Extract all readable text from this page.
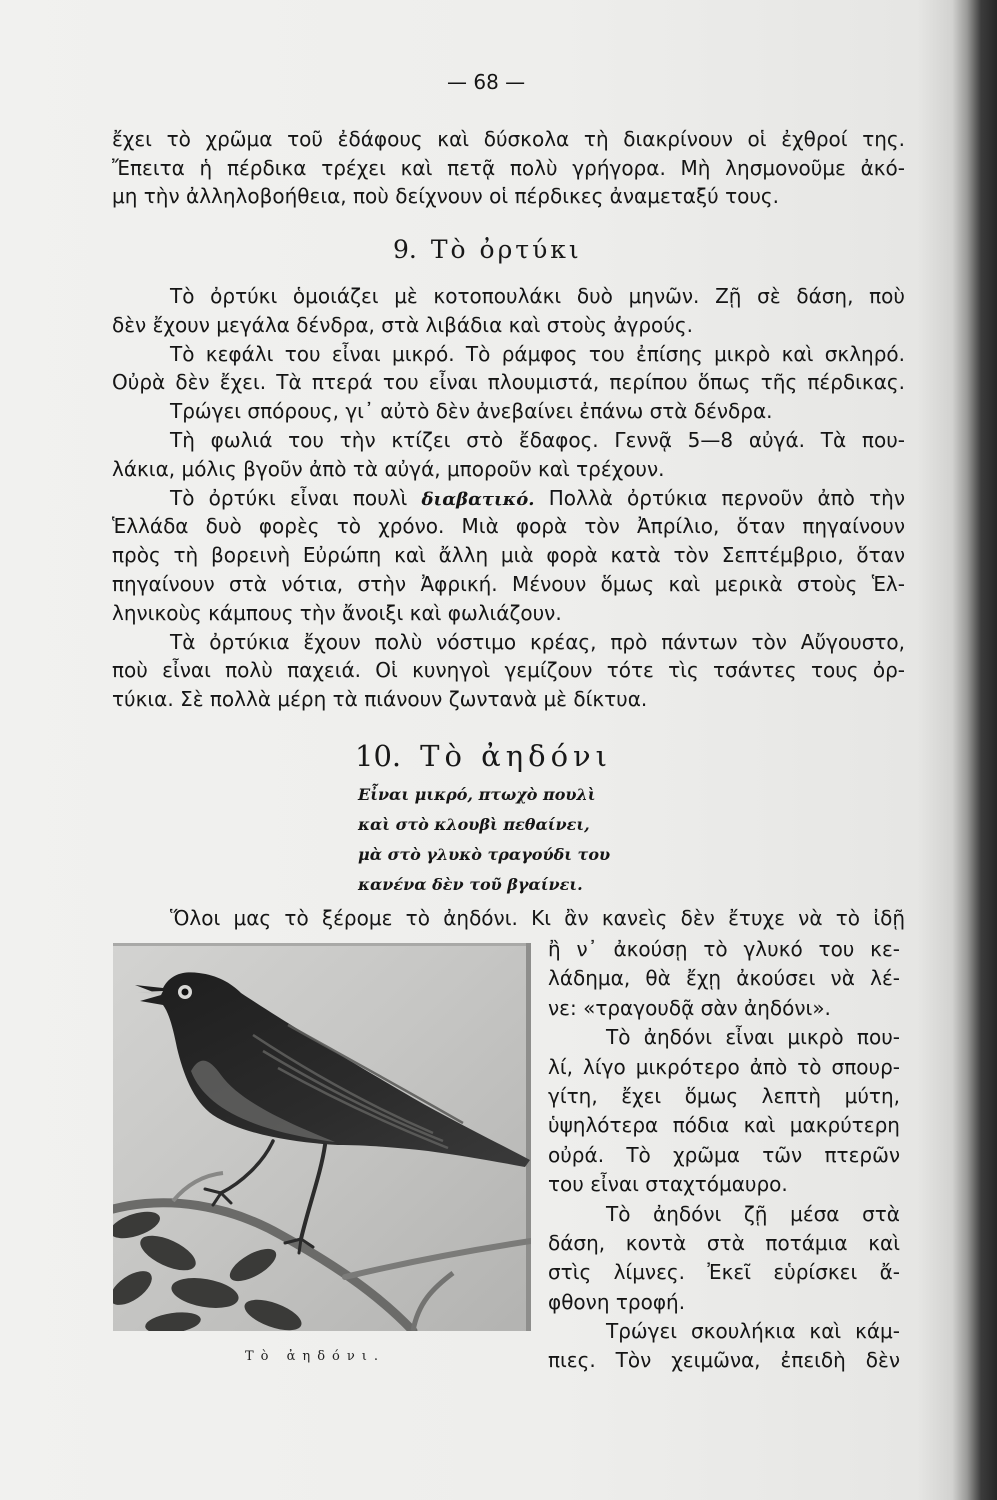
— 68 —
ἔχει τὸ χρῶμα τοῦ ἐδάφους καὶ δύσκολα τὴ διακρίνουν οἱ ἐχθροί της.
Ἔπειτα ἡ πέρδικα τρέχει καὶ πετᾷ πολὺ γρήγορα. Μὴ λησμονοῦμε ἀκό-
μη τὴν ἀλληλοβοήθεια, ποὺ δείχνουν οἱ πέρδικες ἀναμεταξύ τους.
9. Τὸ ὀρτύκι
Τὸ ὀρτύκι ὁμοιάζει μὲ κοτοπουλάκι δυὸ μηνῶν. Ζῇ σὲ δάση, ποὺ
δὲν ἔχουν μεγάλα δένδρα, στὰ λιβάδια καὶ στοὺς ἀγρούς.
Τὸ κεφάλι του εἶναι μικρό. Τὸ ράμφος του ἐπίσης μικρὸ καὶ σκληρό.
Οὐρὰ δὲν ἔχει. Τὰ πτερά του εἶναι πλουμιστά, περίπου ὅπως τῆς πέρδικας.
Τρώγει σπόρους, γι᾿ αὐτὸ δὲν ἀνεβαίνει ἐπάνω στὰ δένδρα.
Τὴ φωλιά του τὴν κτίζει στὸ ἔδαφος. Γεννᾷ 5—8 αὐγά. Τὰ που-
λάκια, μόλις βγοῦν ἀπὸ τὰ αὐγά, μποροῦν καὶ τρέχουν.
Τὸ ὀρτύκι εἶναι πουλὶ διαβατικό. Πολλὰ ὀρτύκια περνοῦν ἀπὸ τὴν
Ἑλλάδα δυὸ φορὲς τὸ χρόνο. Μιὰ φορὰ τὸν Ἀπρίλιο, ὅταν πηγαίνουν
πρὸς τὴ βορεινὴ Εὐρώπη καὶ ἄλλη μιὰ φορὰ κατὰ τὸν Σεπτέμβριο, ὅταν
πηγαίνουν στὰ νότια, στὴν Ἀφρική. Μένουν ὅμως καὶ μερικὰ στοὺς Ἑλ-
ληνικοὺς κάμπους τὴν ἄνοιξι καὶ φωλιάζουν.
Τὰ ὀρτύκια ἔχουν πολὺ νόστιμο κρέας, πρὸ πάντων τὸν Αὔγουστο,
ποὺ εἶναι πολὺ παχειά. Οἱ κυνηγοὶ γεμίζουν τότε τὶς τσάντες τους ὀρ-
τύκια. Σὲ πολλὰ μέρη τὰ πιάνουν ζωντανὰ μὲ δίκτυα.
10. Τὸ ἀηδόνι
Εἶναι μικρό, πτωχὸ πουλὶ
καὶ στὸ κλουβὶ πεθαίνει,
μὰ στὸ γλυκὸ τραγούδι του
κανένα δὲν τοῦ βγαίνει.
Ὅλοι μας τὸ ξέρομε τὸ ἀηδόνι. Κι ἂν κανεὶς δὲν ἔτυχε νὰ τὸ ἰδῇ
Τὸ ἀηδόνι.
ἢ ν᾿ ἀκούσῃ τὸ γλυκό του κε-
λάδημα, θὰ ἔχῃ ἀκούσει νὰ λέ-
νε: «τραγουδᾷ σὰν ἀηδόνι».
Τὸ ἀηδόνι εἶναι μικρὸ που-
λί, λίγο μικρότερο ἀπὸ τὸ σπουρ-
γίτη, ἔχει ὅμως λεπτὴ μύτη,
ὑψηλότερα πόδια καὶ μακρύτερη
οὐρά. Τὸ χρῶμα τῶν πτερῶν
του εἶναι σταχτόμαυρο.
Τὸ ἀηδόνι ζῇ μέσα στὰ
δάση, κοντὰ στὰ ποτάμια καὶ
στὶς λίμνες. Ἐκεῖ εὑρίσκει ἄ-
φθονη τροφή.
Τρώγει σκουλήκια καὶ κάμ-
πιες. Τὸν χειμῶνα, ἐπειδὴ δὲν
